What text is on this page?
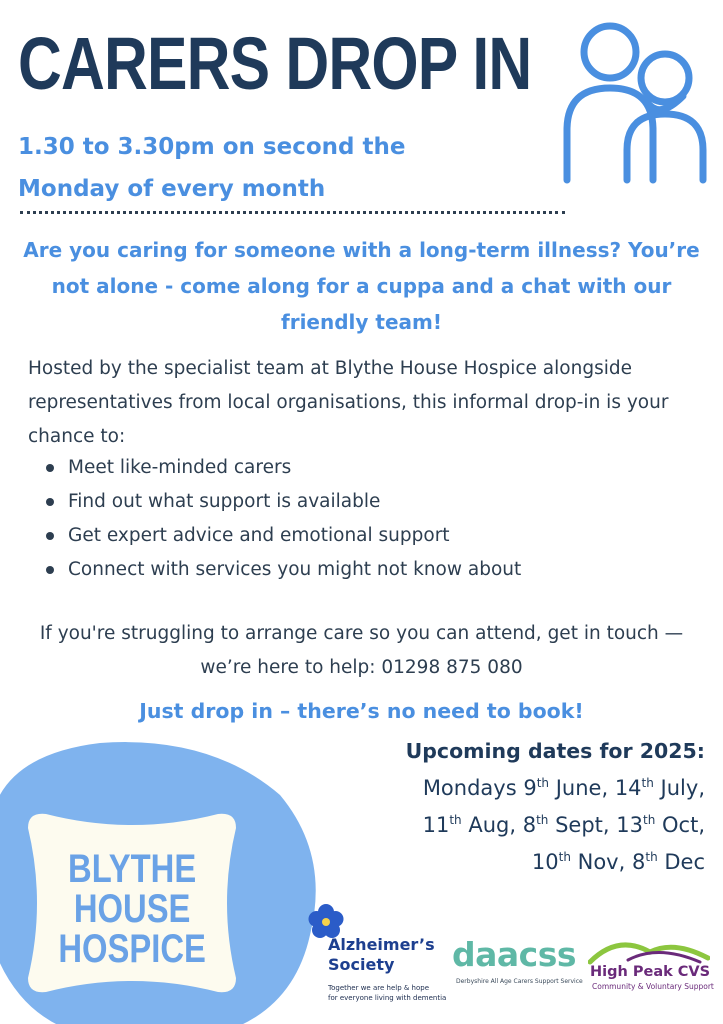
CARERS DROP IN
1.30 to 3.30pm on second the Monday of every month
Are you caring for someone with a long-term illness? You’re not alone - come along for a cuppa and a chat with our friendly team!
Hosted by the specialist team at Blythe House Hospice alongside representatives from local organisations, this informal drop-in is your chance to:
Meet like-minded carers
Find out what support is available
Get expert advice and emotional support
Connect with services you might not know about
If you're struggling to arrange care so you can attend, get in touch — we’re here to help: 01298 875 080
Just drop in – there’s no need to book!
BLYTHE
HOUSE
HOSPICE
Upcoming dates for 2025:
Mondays 9th June, 14th July,
11th Aug, 8th Sept, 13th Oct,
10th Nov, 8th Dec
Alzheimer’s
Society
Together we are help & hope
for everyone living with dementia
daacss
Derbyshire All Age Carers Support Service
High Peak CVS
Community & Voluntary Support
